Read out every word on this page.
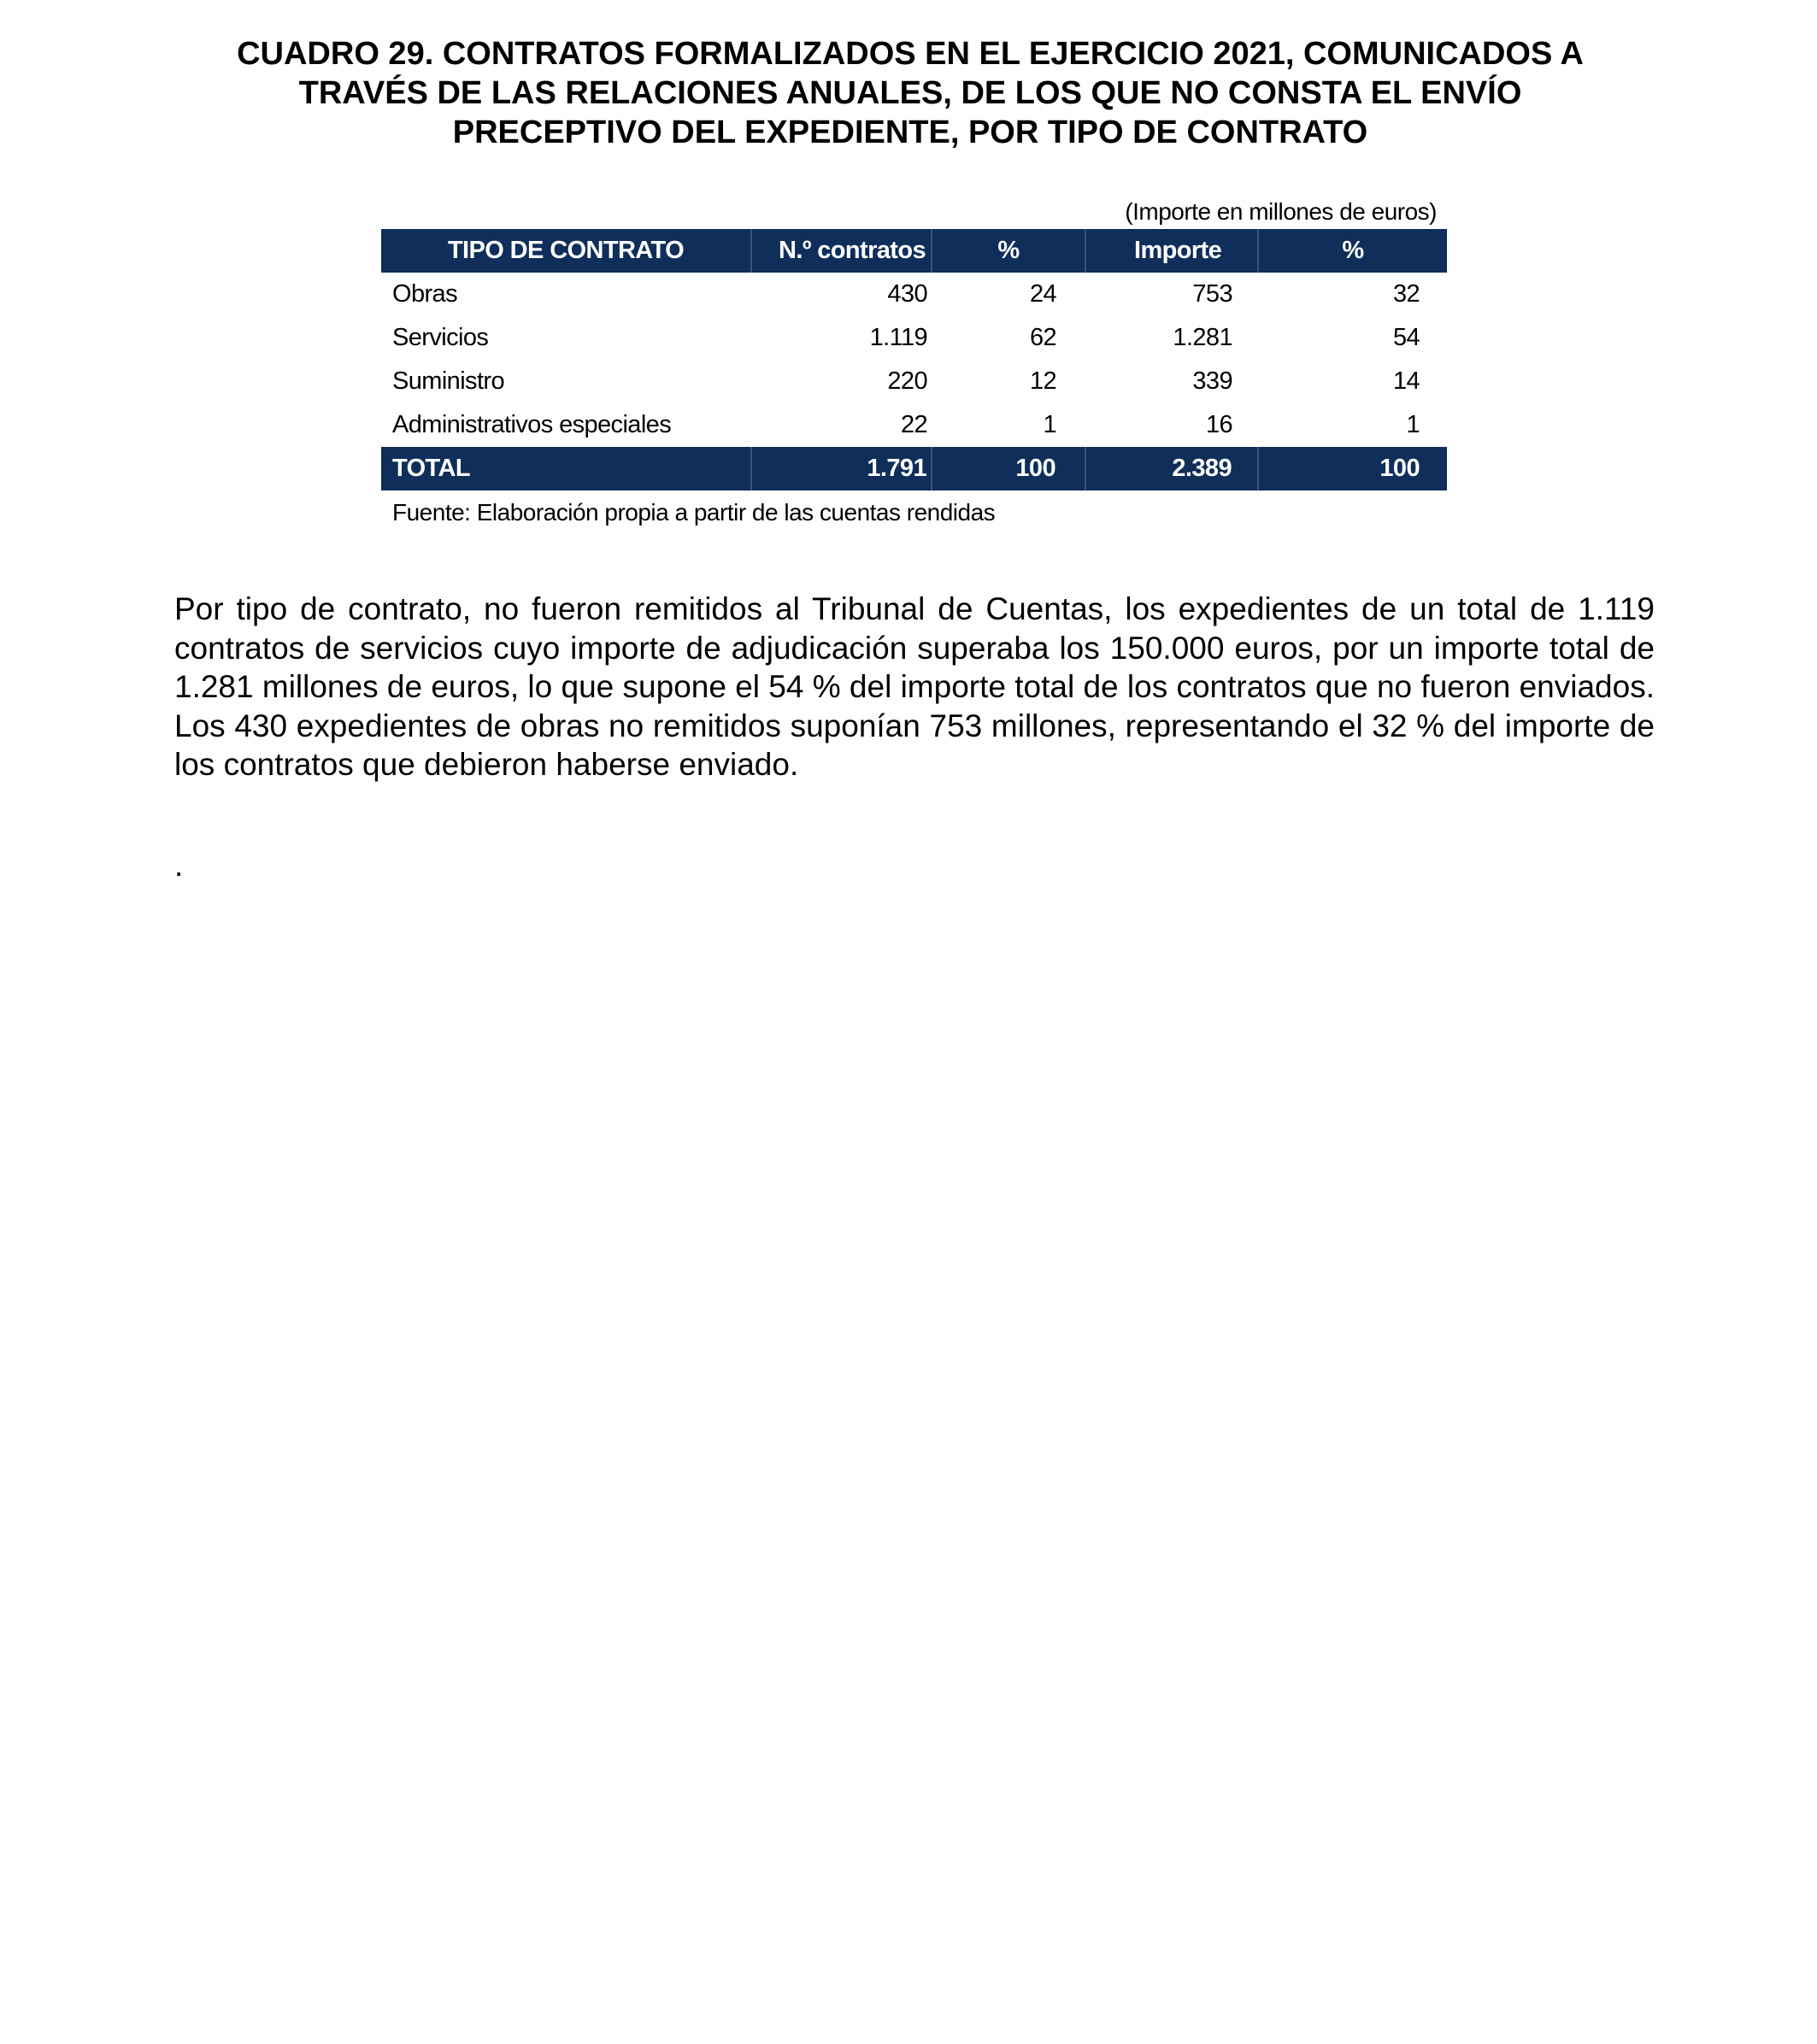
CUADRO 29. CONTRATOS FORMALIZADOS EN EL EJERCICIO 2021, COMUNICADOS A
TRAVÉS DE LAS RELACIONES ANUALES, DE LOS QUE NO CONSTA EL ENVÍO
PRECEPTIVO DEL EXPEDIENTE, POR TIPO DE CONTRATO
(Importe en millones de euros)
TIPO DE CONTRATO	N.º contratos	%	Importe	%
Obras	430	24	753	32
Servicios	1.119	62	1.281	54
Suministro	220	12	339	14
Administrativos especiales	22	1	16	1
TOTAL	1.791	100	2.389	100
Fuente: Elaboración propia a partir de las cuentas rendidas
Por tipo de contrato, no fueron remitidos al Tribunal de Cuentas, los expedientes de un total de 1.119 contratos de servicios cuyo importe de adjudicación superaba los 150.000 euros, por un importe total de 1.281 millones de euros, lo que supone el 54 % del importe total de los contratos que no fueron enviados. Los 430 expedientes de obras no remitidos suponían 753 millones, representando el 32 % del importe de los contratos que debieron haberse enviado.
.
